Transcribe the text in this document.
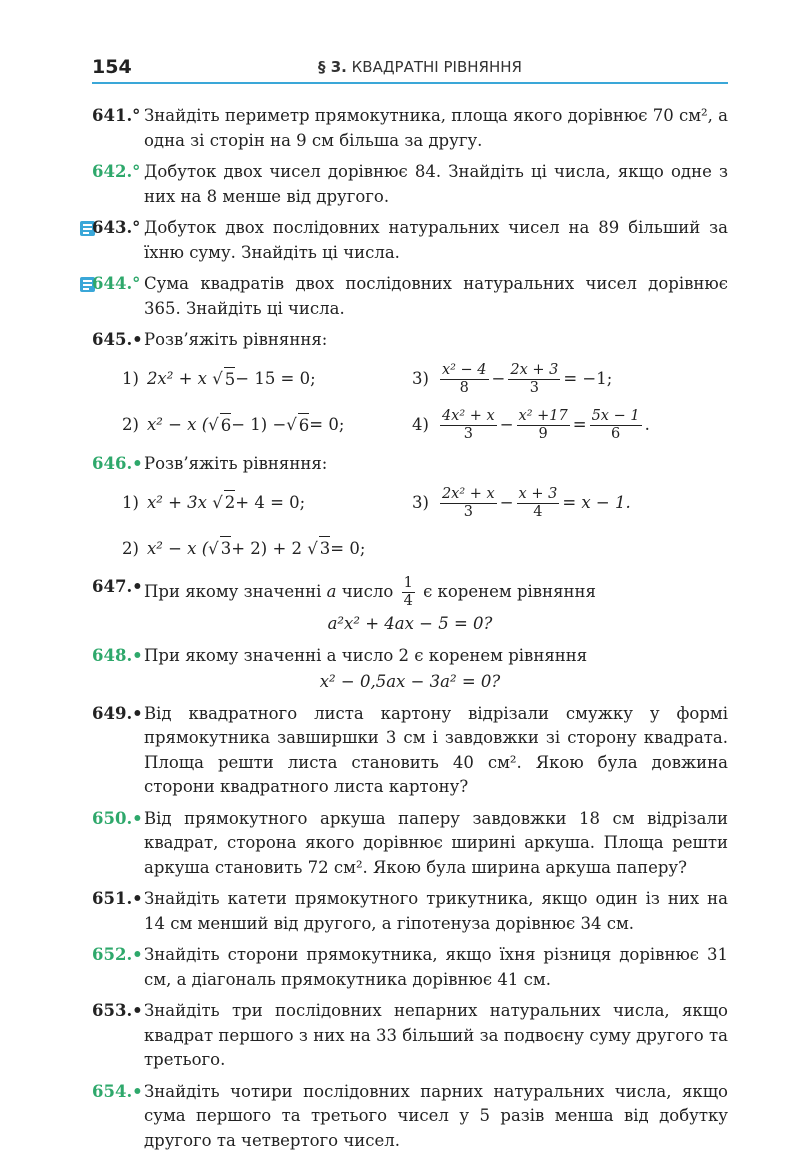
154	§ 3. КВАДРАТНІ РІВНЯННЯ
641.° Знайдіть периметр прямокутника, площа якого дорівнює 70 см², а одна зі сторін на 9 см більша за другу.
642.° Добуток двох чисел дорівнює 84. Знайдіть ці числа, якщо одне з них на 8 менше від другого.
643.° Добуток двох послідовних натуральних чисел на 89 більший за їхню суму. Знайдіть ці числа.
644.° Сума квадратів двох послідовних натуральних чисел дорівнює 365. Знайдіть ці числа.
645.• Розв’яжіть рівняння:
1) 2x² + x √ 5 − 15 = 0;	$3) \frac{\text{x² − 4}}{8} - \frac{2x + 3}{3} = -1$;
2) x² − x ( √ 6 − 1) − √ 6 = 0;	$4) \frac{\text{4x² + x}}{3} - \frac{\text{x² +17}}{9} = \frac{5x - 1}{6}$ .
646.• Розв’яжіть рівняння:
1) x² + 3x √ 2 + 4 = 0;	$3) \frac{\text{2x² + x}}{3} - \frac{x + 3}{4} = x - 1$.
2) x² − x ( √ 3 + 2) + 2 √ 3 = 0;
647.• При якому значенні a число $\frac{1}{4}$ є коренем рівняння
a²x² + 4ax − 5 = 0?
648.• При якому значенні a число 2 є коренем рівняння
x² − 0,5ax − 3a² = 0?
649.• Від квадратного листа картону відрізали смужку у формі прямокутника завширшки 3 см і завдовжки зі сторону квадрата. Площа решти листа становить 40 см². Якою була довжина сторони квадратного листа картону?
650.• Від прямокутного аркуша паперу завдовжки 18 см відрізали квадрат, сторона якого дорівнює ширині аркуша. Площа решти аркуша становить 72 см². Якою була ширина аркуша паперу?
651.• Знайдіть катети прямокутного трикутника, якщо один із них на 14 см менший від другого, а гіпотенуза дорівнює 34 см.
652.• Знайдіть сторони прямокутника, якщо їхня різниця дорівнює 31 см, а діагональ прямокутника дорівнює 41 см.
653.• Знайдіть три послідовних непарних натуральних числа, якщо квадрат першого з них на 33 більший за подвоєну суму другого та третього.
654.• Знайдіть чотири послідовних парних натуральних числа, якщо сума першого та третього чисел у 5 разів менша від добутку другого та четвертого чисел.
